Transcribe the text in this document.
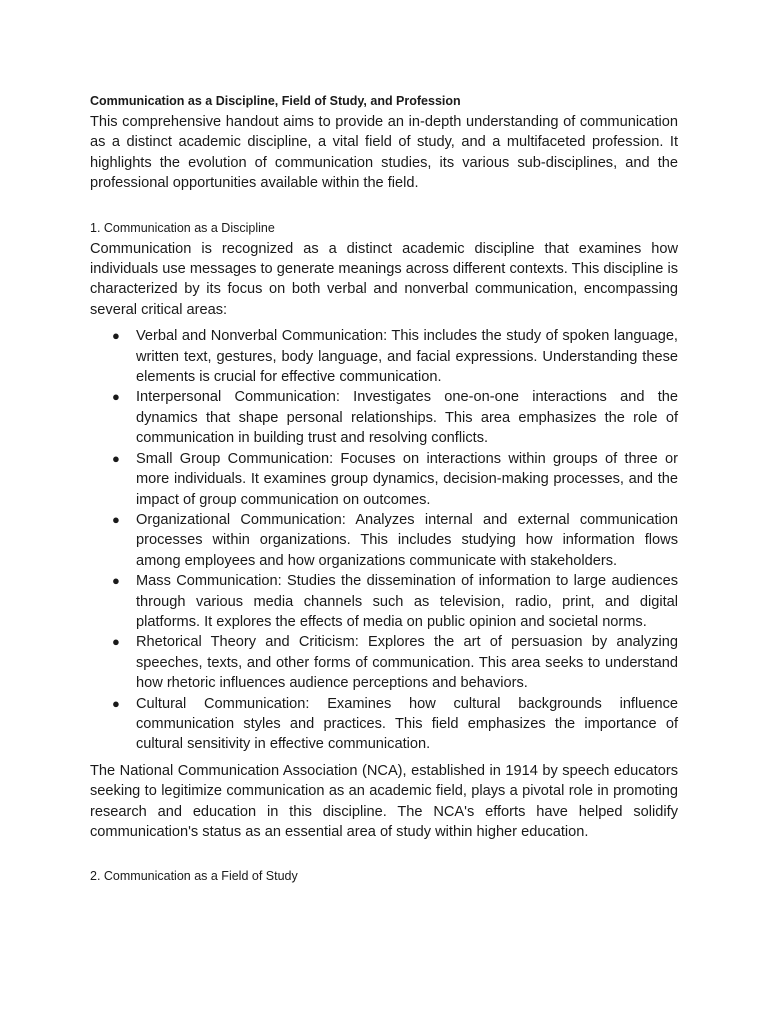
Communication as a Discipline, Field of Study, and Profession

This comprehensive handout aims to provide an in-depth understanding of communication as a distinct academic discipline, a vital field of study, and a multifaceted profession. It highlights the evolution of communication studies, its various sub-disciplines, and the professional opportunities available within the field.

1. Communication as a Discipline

Communication is recognized as a distinct academic discipline that examines how individuals use messages to generate meanings across different contexts. This discipline is characterized by its focus on both verbal and nonverbal communication, encompassing several critical areas:

● Verbal and Nonverbal Communication: This includes the study of spoken language, written text, gestures, body language, and facial expressions. Understanding these elements is crucial for effective communication.
● Interpersonal Communication: Investigates one-on-one interactions and the dynamics that shape personal relationships. This area emphasizes the role of communication in building trust and resolving conflicts.
● Small Group Communication: Focuses on interactions within groups of three or more individuals. It examines group dynamics, decision-making processes, and the impact of group communication on outcomes.
● Organizational Communication: Analyzes internal and external communication processes within organizations. This includes studying how information flows among employees and how organizations communicate with stakeholders.
● Mass Communication: Studies the dissemination of information to large audiences through various media channels such as television, radio, print, and digital platforms. It explores the effects of media on public opinion and societal norms.
● Rhetorical Theory and Criticism: Explores the art of persuasion by analyzing speeches, texts, and other forms of communication. This area seeks to understand how rhetoric influences audience perceptions and behaviors.
● Cultural Communication: Examines how cultural backgrounds influence communication styles and practices. This field emphasizes the importance of cultural sensitivity in effective communication.

The National Communication Association (NCA), established in 1914 by speech educators seeking to legitimize communication as an academic field, plays a pivotal role in promoting research and education in this discipline. The NCA's efforts have helped solidify communication's status as an essential area of study within higher education.

2. Communication as a Field of Study
